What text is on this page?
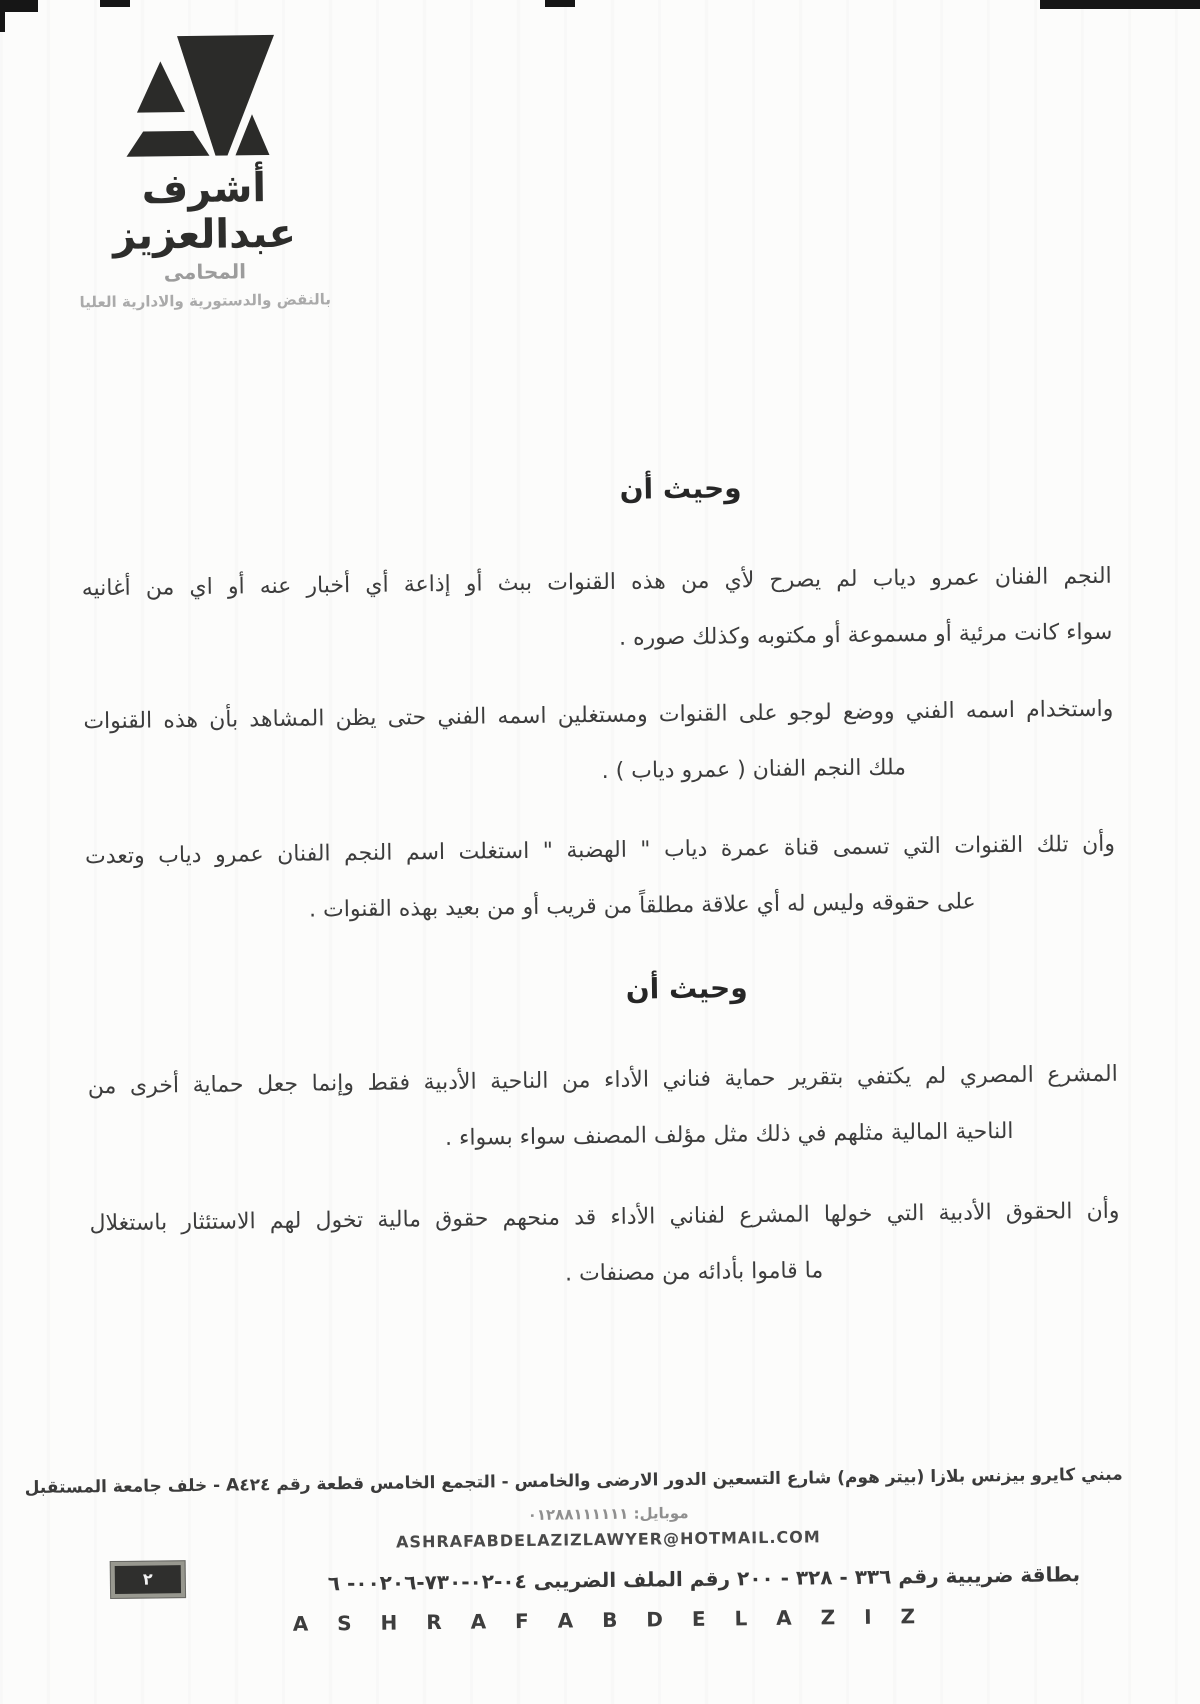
أشرف عبدالعزيز
المحامى
بالنقض والدستورية والادارية العليا
وحيث أن
النجم الفنان عمرو دياب لم يصرح لأي من هذه القنوات ببث أو إذاعة أي أخبار عنه أو اي من أغانيه
سواء كانت مرئية أو مسموعة أو مكتوبه وكذلك صوره .
واستخدام اسمه الفني ووضع لوجو على القنوات ومستغلين اسمه الفني حتى يظن المشاهد بأن هذه القنوات
ملك النجم الفنان ( عمرو دياب ) .
وأن تلك القنوات التي تسمى قناة عمرة دياب " الهضبة " استغلت اسم النجم الفنان عمرو دياب وتعدت
على حقوقه وليس له أي علاقة مطلقاً من قريب أو من بعيد بهذه القنوات .
وحيث أن
المشرع المصري لم يكتفي بتقرير حماية فناني الأداء من الناحية الأدبية فقط وإنما جعل حماية أخرى من
الناحية المالية مثلهم في ذلك مثل مؤلف المصنف سواء بسواء .
وأن الحقوق الأدبية التي خولها المشرع لفناني الأداء قد منحهم حقوق مالية تخول لهم الاستئثار باستغلال
ما قاموا بأدائه من مصنفات .
مبني كايرو بيزنس بلازا (بيتر هوم) شارع التسعين الدور الارضى والخامس - التجمع الخامس قطعة رقم A٤٢٤ - خلف جامعة المستقبل
موبايل: ٠١٢٨٨١١١١١١
ASHRAFABDELAZIZLAWYER@HOTMAIL.COM
بطاقة ضريبية رقم ٣٣٦ - ٣٢٨ - ٢٠٠ رقم الملف الضريبى ٠٤‏-‏٠٢‏-‏٧٣٠‏-‏٠٠٢٠٦‏- ٦
A S H R A F A B D E L A Z I Z
٢
